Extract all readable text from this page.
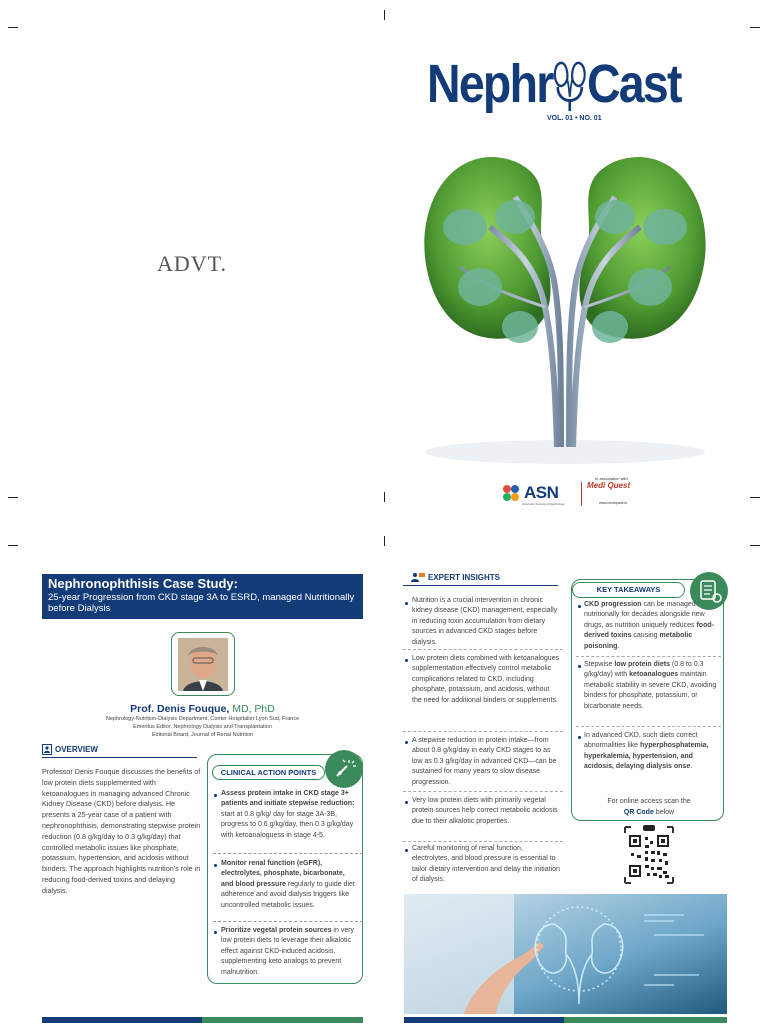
ADVT.
Nephr Cast
VOL. 01 • NO. 01
In association with
ASN
American Society of Nephrology
Medi Quest
www.mediquest.in
Nephronophthisis Case Study:
25-year Progression from CKD stage 3A to ESRD, managed Nutritionally before Dialysis
Prof. Denis Fouque, MD, PhD
Nephrology-Nutrition-Dialysis Department, Center Hospitalier Lyon Sud, France
Emeritus Editor, Nephrology Dialysis and Transplantation
Editorial Board, Journal of Renal Nutrition
OVERVIEW
Professor Denis Fouque discusses the benefits of low protein diets supplemented with ketoanalogues in managing advanced Chronic Kidney Disease (CKD) before dialysis. He presents a 25-year case of a patient with nephronophthisis, demonstrating stepwise protein reduction (0.8 g/kg/day to 0.3 g/kg/day) that controlled metabolic issues like phosphate, potassium, hypertension, and acidosis without binders. The approach highlights nutrition's role in reducing food-derived toxins and delaying dialysis.
CLINICAL ACTION POINTS
Assess protein intake in CKD stage 3+ patients and initiate stepwise reduction: start at 0.8 g/kg/ day for stage 3A-3B, progress to 0.6 g/kg/day, then 0.3 g/kg/day with ketoanaloguess in stage 4-5.
Monitor renal function (eGFR), electrolytes, phosphate, bicarbonate, and blood pressure regularly to guide diet adherence and avoid dialysis triggers like uncontrolled metabolic issues.
Prioritize vegetal protein sources in very low protein diets to leverage their alkalotic effect against CKD-induced acidosis, supplementing keto analogs to prevent malnutrition.
EXPERT INSIGHTS
Nutrition is a crucial intervention in chronic kidney disease (CKD) management, especially in reducing toxin accumulation from dietary sources in advanced CKD stages before dialysis.
Low protein diets combined with ketoanalogues supplementation effectively control metabolic complications related to CKD, including phosphate, potassium, and acidosis, without the need for additional binders or supplements.
A stepwise reduction in protein intake—from about 0.8 g/kg/day in early CKD stages to as low as 0.3 g/kg/day in advanced CKD—can be sustained for many years to slow disease progression.
Very low protein diets with primarily vegetal protein sources help correct metabolic acidosis due to their alkalotic properties.
Careful monitoring of renal function, electrolytes, and blood pressure is essential to tailor dietary intervention and delay the initiation of dialysis.
KEY TAKEAWAYS
CKD progression can be managed nutritionally for decades alongside new drugs, as nutrition uniquely reduces food-derived toxins causing metabolic poisoning.
Stepwise low protein diets (0.8 to 0.3 g/kg/day) with ketoanalogues maintain metabolic stability in severe CKD, avoiding binders for phosphate, potassium, or bicarbonate needs.
In advanced CKD, such diets correct abnormalities like hyperphosphatemia, hyperkalemia, hypertension, and acidosis, delaying dialysis onse.
For online access scan the
QR Code below
